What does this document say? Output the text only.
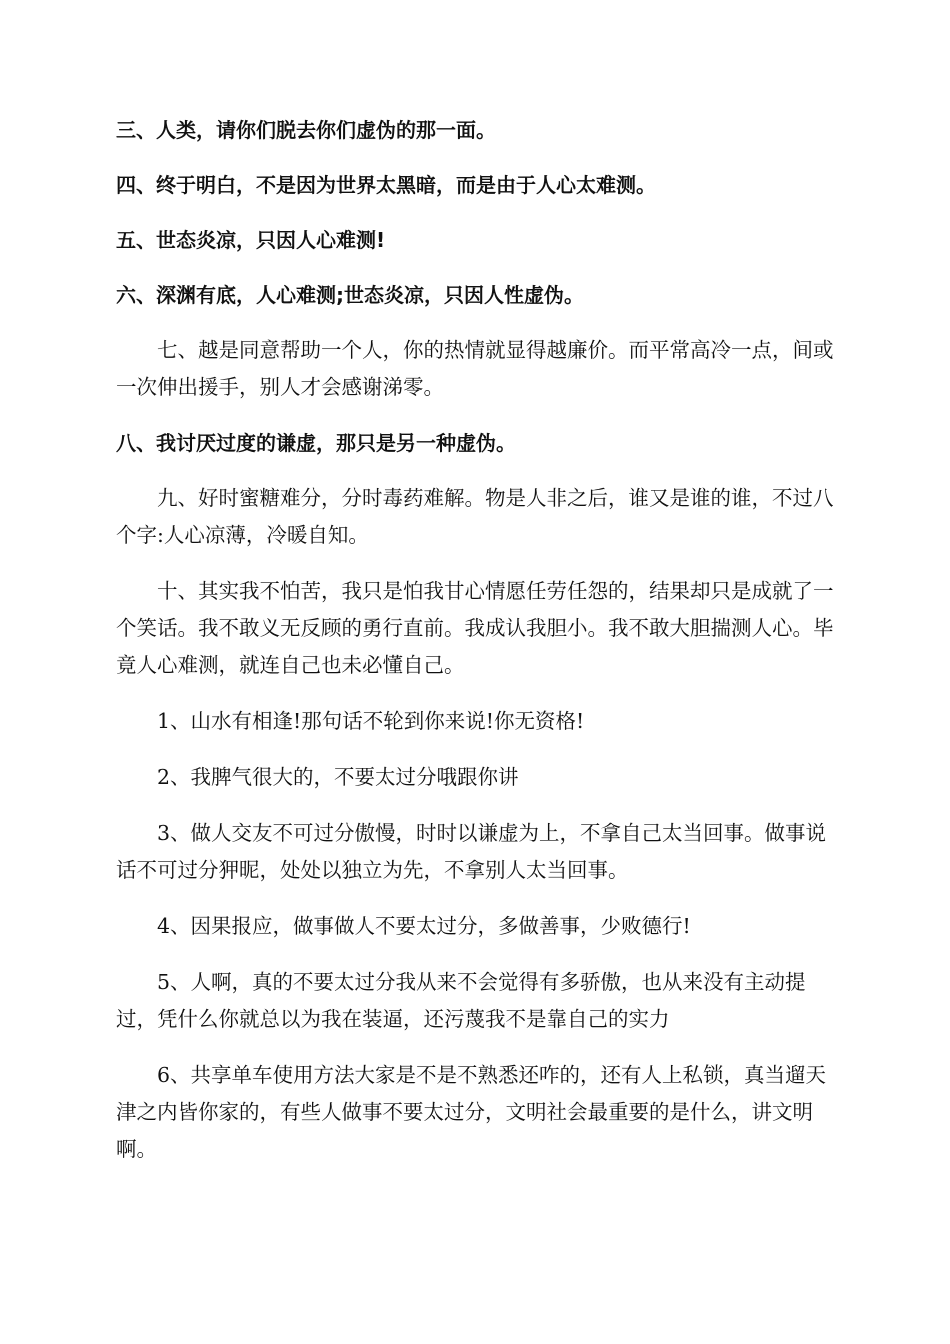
三、人类，请你们脱去你们虚伪的那一面。

四、终于明白，不是因为世界太黑暗，而是由于人心太难测。

五、世态炎凉，只因人心难测!

六、深渊有底，人心难测;世态炎凉，只因人性虚伪。

七、越是同意帮助一个人，你的热情就显得越廉价。而平常高冷一点，间或一次伸出援手，别人才会感谢涕零。

八、我讨厌过度的谦虚，那只是另一种虚伪。

九、好时蜜糖难分，分时毒药难解。物是人非之后，谁又是谁的谁，不过八个字:人心凉薄，冷暖自知。

十、其实我不怕苦，我只是怕我甘心情愿任劳任怨的，结果却只是成就了一个笑话。我不敢义无反顾的勇行直前。我成认我胆小。我不敢大胆揣测人心。毕竟人心难测，就连自己也未必懂自己。

1、山水有相逢!那句话不轮到你来说!你无资格!

2、我脾气很大的，不要太过分哦跟你讲

3、做人交友不可过分傲慢，时时以谦虚为上，不拿自己太当回事。做事说话不可过分狎昵，处处以独立为先，不拿别人太当回事。

4、因果报应，做事做人不要太过分，多做善事，少败德行!

5、人啊，真的不要太过分我从来不会觉得有多骄傲，也从来没有主动提过，凭什么你就总以为我在装逼，还污蔑我不是靠自己的实力

6、共享单车使用方法大家是不是不熟悉还咋的，还有人上私锁，真当遛天津之内皆你家的，有些人做事不要太过分，文明社会最重要的是什么，讲文明啊。
